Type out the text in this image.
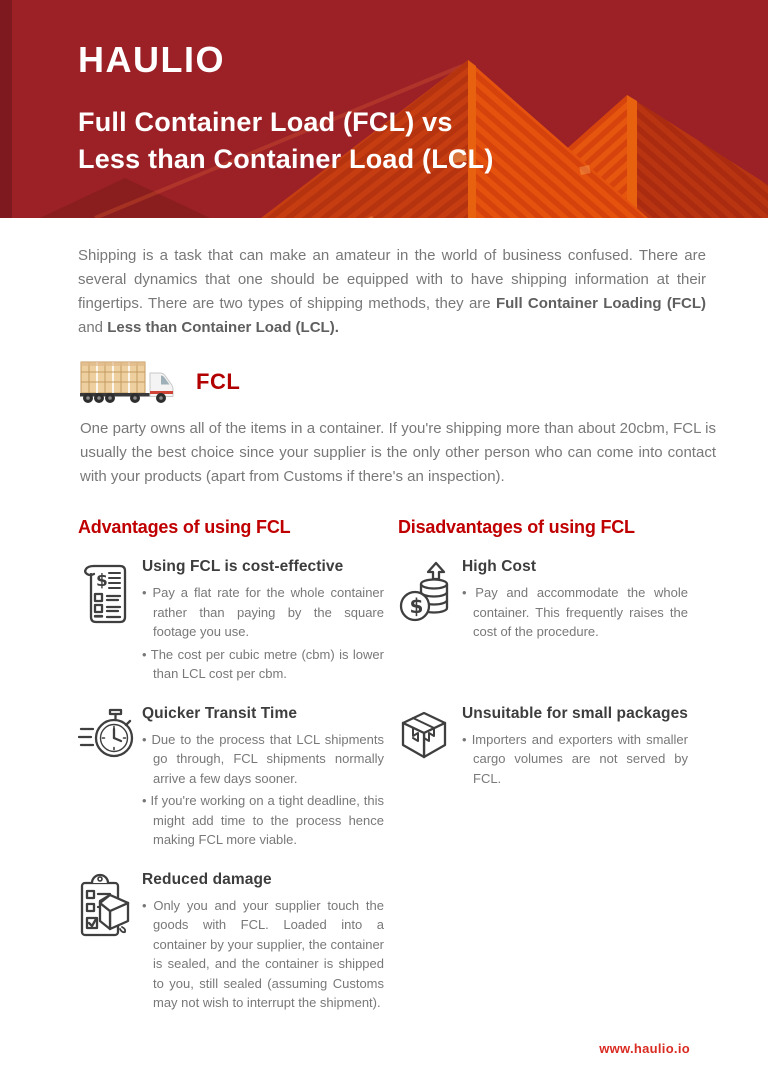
HAULIO
Full Container Load (FCL) vs
Less than Container Load (LCL)

Shipping is a task that can make an amateur in the world of business confused. There are several dynamics that one should be equipped with to have shipping information at their fingertips. There are two types of shipping methods, they are Full Container Loading (FCL) and Less than Container Load (LCL).

FCL

One party owns all of the items in a container. If you're shipping more than about 20cbm, FCL is usually the best choice since your supplier is the only other person who can come into contact with your products (apart from Customs if there's an inspection).

Advantages of using FCL	Disadvantages of using FCL
$
Using FCL is cost-effective
• Pay a flat rate for the whole container rather than paying by the square footage you use.
• The cost per cubic metre (cbm) is lower than LCL cost per cbm.
$
High Cost
• Pay and accommodate the whole container. This frequently raises the cost of the procedure.
Quicker Transit Time
• Due to the process that LCL shipments go through, FCL shipments normally arrive a few days sooner.
• If you're working on a tight deadline, this might add time to the process hence making FCL more viable.
Unsuitable for small packages
• Importers and exporters with smaller cargo volumes are not served by FCL.
Reduced damage
• Only you and your supplier touch the goods with FCL. Loaded into a container by your supplier, the container is sealed, and the container is shipped to you, still sealed (assuming Customs may not wish to interrupt the shipment).
www.haulio.io
